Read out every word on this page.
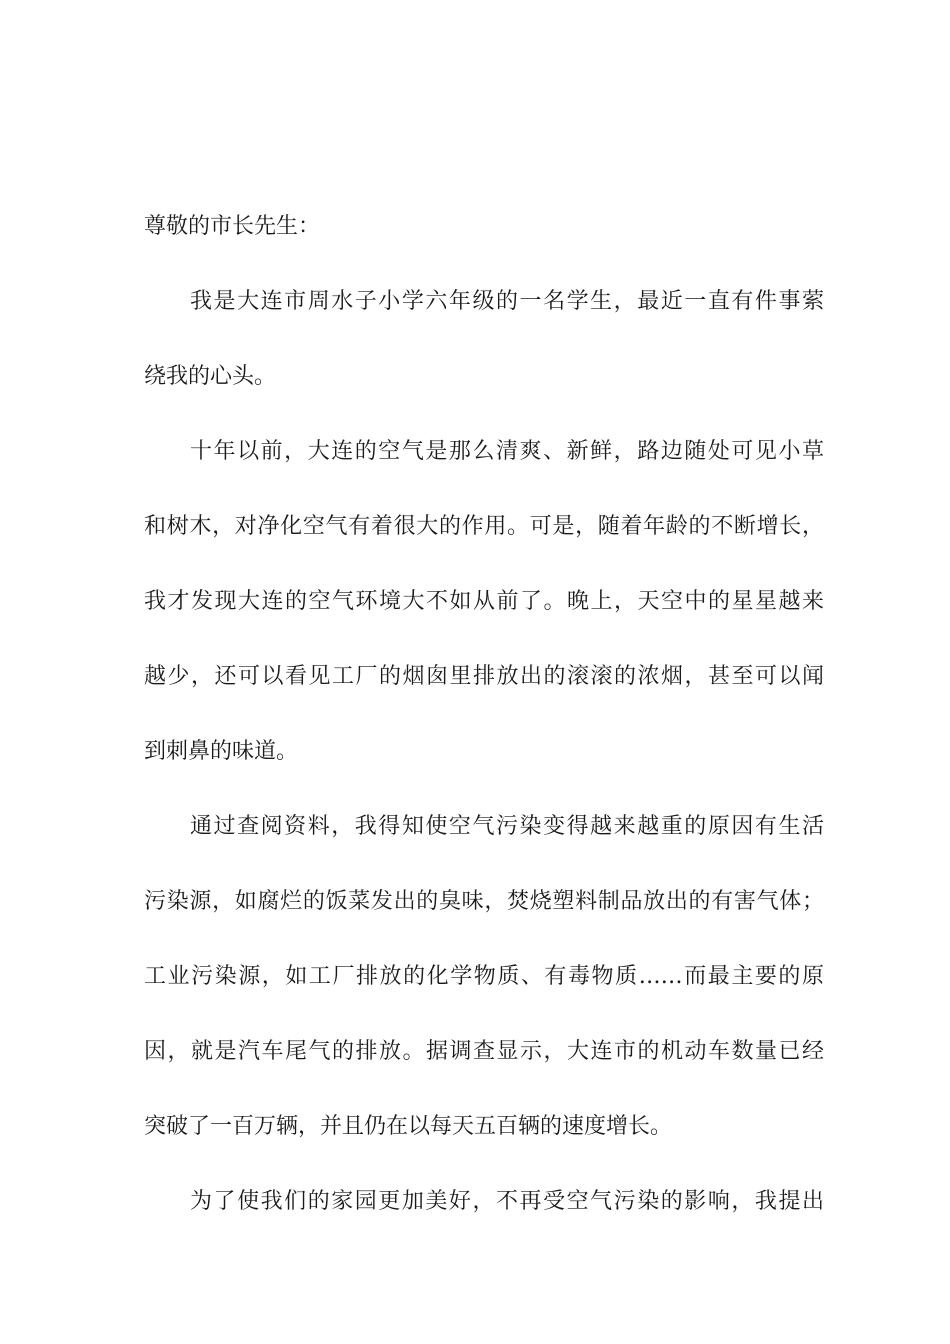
尊敬的市长先生：

我是大连市周水子小学六年级的一名学生，最近一直有件事萦

绕我的心头。

十年以前，大连的空气是那么清爽、新鲜，路边随处可见小草

和树木，对净化空气有着很大的作用。可是，随着年龄的不断增长，

我才发现大连的空气环境大不如从前了。晚上，天空中的星星越来

越少，还可以看见工厂的烟囱里排放出的滚滚的浓烟，甚至可以闻

到刺鼻的味道。

通过查阅资料，我得知使空气污染变得越来越重的原因有生活

污染源，如腐烂的饭菜发出的臭味，焚烧塑料制品放出的有害气体；

工业污染源，如工厂排放的化学物质、有毒物质……而最主要的原

因，就是汽车尾气的排放。据调查显示，大连市的机动车数量已经

突破了一百万辆，并且仍在以每天五百辆的速度增长。

为了使我们的家园更加美好，不再受空气污染的影响，我提出
